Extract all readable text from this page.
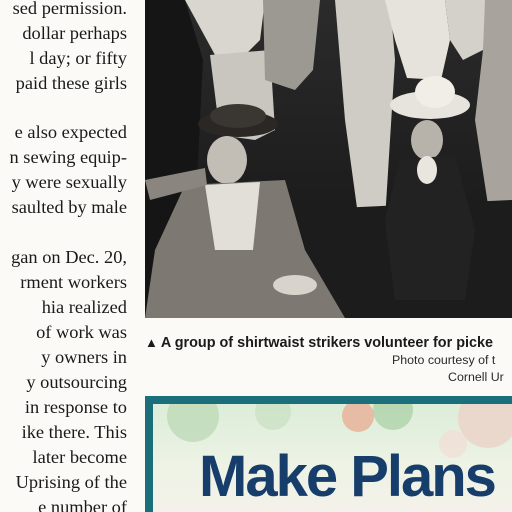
sed permission.
dollar perhaps
l day; or fifty
paid these girls
e also expected
n sewing equip-
y were sexually
saulted by male
gan on Dec. 20,
rment workers
hia realized
of work was
y owners in
y outsourcing
in response to
ike there. This
later become
Uprising of the
e number of
▲ A group of shirtwaist strikers volunteer for picke
Photo courtesy of t
Cornell Ur
Make Plans
